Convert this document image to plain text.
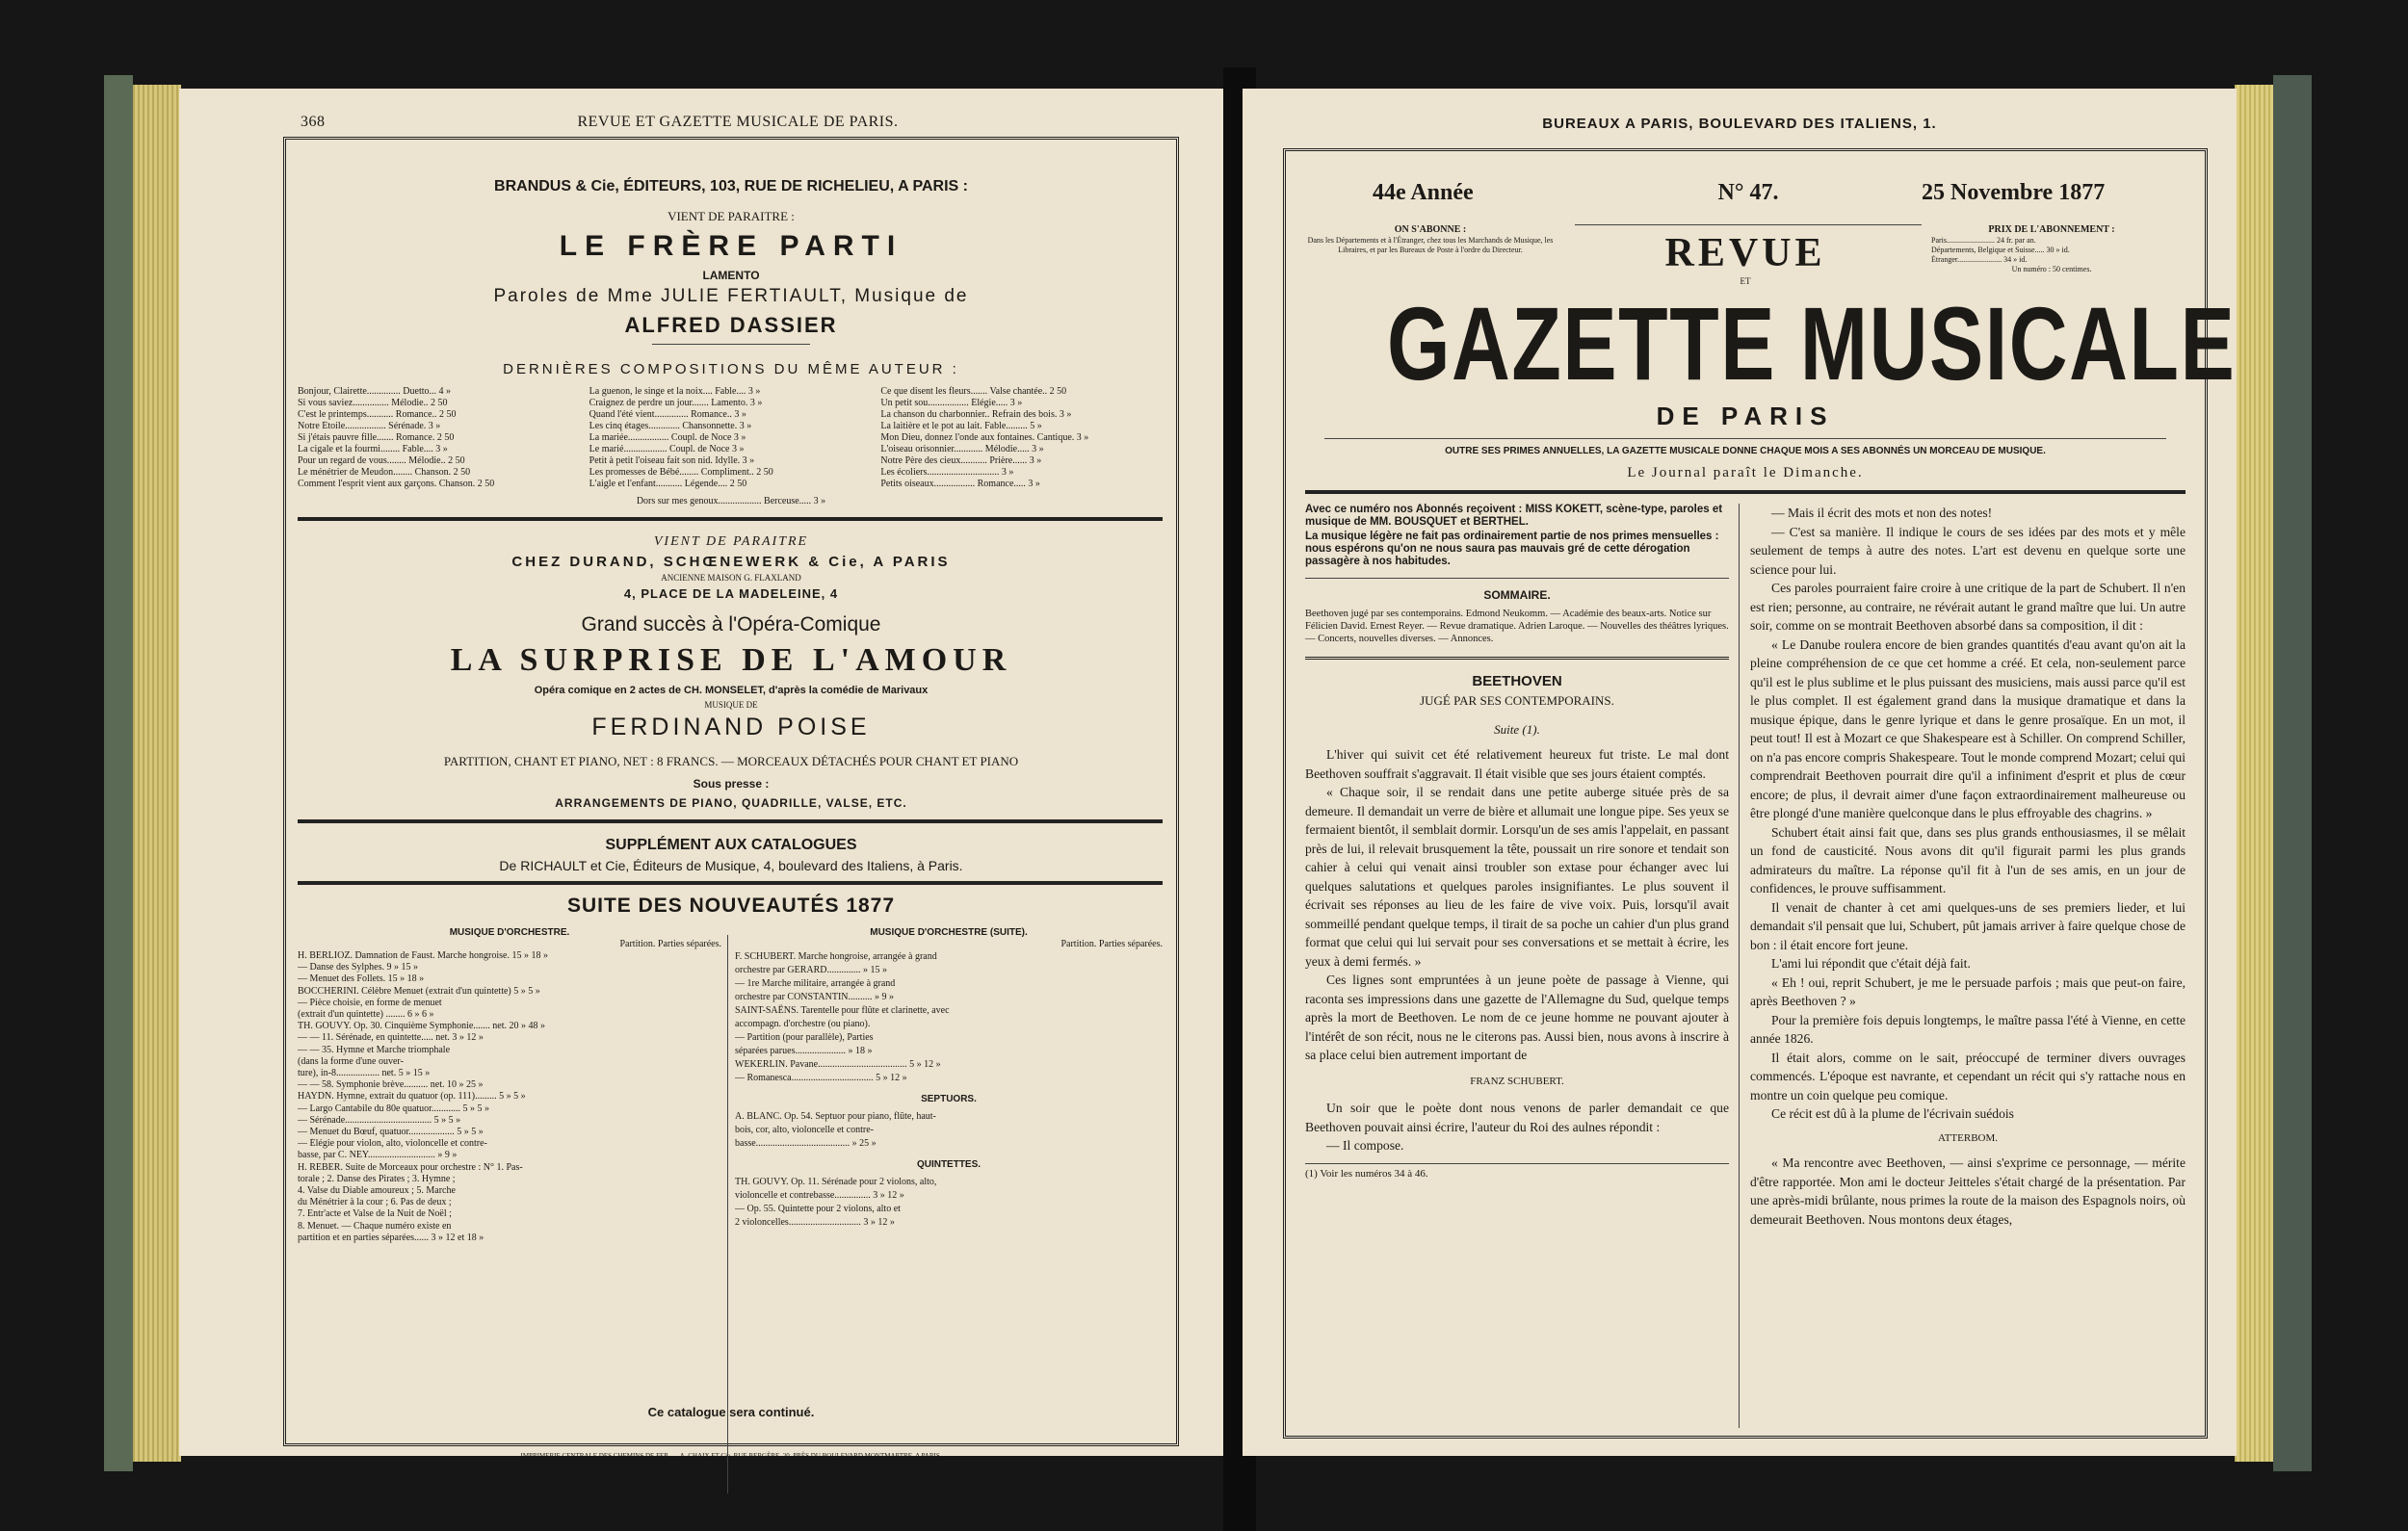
368	REVUE ET GAZETTE MUSICALE DE PARIS.
BRANDUS & Cie, ÉDITEURS, 103, RUE DE RICHELIEU, A PARIS :
VIENT DE PARAITRE :
LE FRÈRE PARTI
LAMENTO
Paroles de Mme JULIE FERTIAULT, Musique de
ALFRED DASSIER
DERNIÈRES COMPOSITIONS DU MÊME AUTEUR :
Bonjour, Clairette.............. Duetto... 4 »
Si vous saviez............... Mélodie.. 2 50
C'est le printemps........... Romance.. 2 50
Notre Étoile................. Sérénade. 3 »
Si j'étais pauvre fille....... Romance. 2 50
La cigale et la fourmi........ Fable.... 3 »
Pour un regard de vous........ Mélodie.. 2 50
Le ménétrier de Meudon........ Chanson. 2 50
Comment l'esprit vient aux garçons. Chanson. 2 50
La guenon, le singe et la noix.... Fable.... 3 »
Craignez de perdre un jour....... Lamento. 3 »
Quand l'été vient.............. Romance.. 3 »
Les cinq étages............. Chansonnette. 3 »
La mariée................. Coupl. de Noce 3 »
Le marié.................. Coupl. de Noce 3 »
Petit à petit l'oiseau fait son nid. Idylle. 3 »
Les promesses de Bébé........ Compliment.. 2 50
L'aigle et l'enfant........... Légende.... 2 50
Ce que disent les fleurs....... Valse chantée.. 2 50
Un petit sou................. Élégie..... 3 »
La chanson du charbonnier.. Refrain des bois. 3 »
La laitière et le pot au lait. Fable......... 5 »
Mon Dieu, donnez l'onde aux fontaines. Cantique. 3 »
L'oiseau orisonnier............ Mélodie..... 3 »
Notre Père des cieux........... Prière...... 3 »
Les écoliers.............................. 3 »
Petits oiseaux................. Romance..... 3 »
Dors sur mes genoux.................. Berceuse..... 3 »
VIENT DE PARAITRE
CHEZ DURAND, SCHŒNEWERK & Cie, A PARIS
ANCIENNE MAISON G. FLAXLAND
4, PLACE DE LA MADELEINE, 4
Grand succès à l'Opéra-Comique
LA SURPRISE DE L'AMOUR
Opéra comique en 2 actes de CH. MONSELET, d'après la comédie de Marivaux
MUSIQUE DE
FERDINAND POISE
PARTITION, CHANT ET PIANO, NET : 8 FRANCS. — MORCEAUX DÉTACHÉS POUR CHANT ET PIANO
Sous presse :
ARRANGEMENTS DE PIANO, QUADRILLE, VALSE, ETC.
SUPPLÉMENT AUX CATALOGUES
De RICHAULT et Cie, Éditeurs de Musique, 4, boulevard des Italiens, à Paris.
SUITE DES NOUVEAUTÉS 1877
MUSIQUE D'ORCHESTRE.
Partition. Parties séparées.
H. BERLIOZ. Damnation de Faust. Marche hongroise. 15 » 18 »
— Danse des Sylphes. 9 » 15 »
— Menuet des Follets. 15 » 18 »
BOCCHERINI. Célèbre Menuet (extrait d'un quintette) 5 » 5 »
— Pièce choisie, en forme de menuet
(extrait d'un quintette) ........ 6 » 6 »
TH. GOUVY. Op. 30. Cinquième Symphonie....... net. 20 » 48 »
— — 11. Sérénade, en quintette..... net. 3 » 12 »
— — 35. Hymne et Marche triomphale
(dans la forme d'une ouver-
ture), in-8.................. net. 5 » 15 »
— — 58. Symphonie brève.......... net. 10 » 25 »
HAYDN. Hymne, extrait du quatuor (op. 111)......... 5 » 5 »
— Largo Cantabile du 80e quatuor............ 5 » 5 »
— Sérénade.................................... 5 » 5 »
— Menuet du Bœuf, quatuor................... 5 » 5 »
— Élégie pour violon, alto, violoncelle et contre-
basse, par C. NEY............................ » 9 »
H. REBER. Suite de Morceaux pour orchestre : N° 1. Pas-
torale ; 2. Danse des Pirates ; 3. Hymne ;
4. Valse du Diable amoureux ; 5. Marche
du Ménétrier à la cour ; 6. Pas de deux ;
7. Entr'acte et Valse de la Nuit de Noël ;
8. Menuet. — Chaque numéro existe en
partition et en parties séparées...... 3 » 12 et 18 »
MUSIQUE D'ORCHESTRE (SUITE).
Partition. Parties séparées.
F. SCHUBERT. Marche hongroise, arrangée à grand
orchestre par GERARD.............. » 15 »
— 1re Marche militaire, arrangée à grand
orchestre par CONSTANTIN.......... » 9 »
SAINT-SAËNS. Tarentelle pour flûte et clarinette, avec
accompagn. d'orchestre (ou piano).
— Partition (pour parallèle), Parties
séparées parues..................... » 18 »
WEKERLIN. Pavane..................................... 5 » 12 »
— Romanesca.................................. 5 » 12 »
SEPTUORS.
A. BLANC. Op. 54. Septuor pour piano, flûte, haut-
bois, cor, alto, violoncelle et contre-
basse....................................... » 25 »
QUINTETTES.
TH. GOUVY. Op. 11. Sérénade pour 2 violons, alto,
violoncelle et contrebasse............... 3 » 12 »
— Op. 55. Quintette pour 2 violons, alto et
2 violoncelles.............................. 3 » 12 »
Ce catalogue sera continué.
IMPRIMERIE CENTRALE DES CHEMINS DE FER. — A. CHAIX ET Cie, RUE BERGÈRE, 20, PRÈS DU BOULEVARD MONTMARTRE, A PARIS.
BUREAUX A PARIS, BOULEVARD DES ITALIENS, 1.
44e Année	N° 47.	25 Novembre 1877
ON S'ABONNE :
Dans les Départements et à l'Étranger, chez tous les Marchands de Musique, les Libraires, et par les Bureaux de Poste à l'ordre du Directeur.
PRIX DE L'ABONNEMENT :
Paris......................... 24 fr. par an.
Départements, Belgique et Suisse..... 30 » id.
Étranger....................... 34 » id.
Un numéro : 50 centimes.
REVUE
ET
GAZETTE MUSICALE
DE PARIS
OUTRE SES PRIMES ANNUELLES, LA GAZETTE MUSICALE DONNE CHAQUE MOIS A SES ABONNÉS UN MORCEAU DE MUSIQUE.
Le Journal paraît le Dimanche.
Avec ce numéro nos Abonnés reçoivent : MISS KOKETT, scène-type, paroles et musique de MM. BOUSQUET et BERTHEL.
La musique légère ne fait pas ordinairement partie de nos primes mensuelles : nous espérons qu'on ne nous saura pas mauvais gré de cette dérogation passagère à nos habitudes.
SOMMAIRE.
Beethoven jugé par ses contemporains. Edmond Neukomm. — Académie des beaux-arts. Notice sur Félicien David. Ernest Reyer. — Revue dramatique. Adrien Laroque. — Nouvelles des théâtres lyriques. — Concerts, nouvelles diverses. — Annonces.
BEETHOVEN
JUGÉ PAR SES CONTEMPORAINS.
Suite (1).

L'hiver qui suivit cet été relativement heureux fut triste. Le mal dont Beethoven souffrait s'aggravait. Il était visible que ses jours étaient comptés.

« Chaque soir, il se rendait dans une petite auberge située près de sa demeure. Il demandait un verre de bière et allumait une longue pipe. Ses yeux se fermaient bientôt, il semblait dormir. Lorsqu'un de ses amis l'appelait, en passant près de lui, il relevait brusquement la tête, poussait un rire sonore et tendait son cahier à celui qui venait ainsi troubler son extase pour échanger avec lui quelques salutations et quelques paroles insignifiantes. Le plus souvent il écrivait ses réponses au lieu de les faire de vive voix. Puis, lorsqu'il avait sommeillé pendant quelque temps, il tirait de sa poche un cahier d'un plus grand format que celui qui lui servait pour ses conversations et se mettait à écrire, les yeux à demi fermés. »

Ces lignes sont empruntées à un jeune poète de passage à Vienne, qui raconta ses impressions dans une gazette de l'Allemagne du Sud, quelque temps après la mort de Beethoven. Le nom de ce jeune homme ne pouvant ajouter à l'intérêt de son récit, nous ne le citerons pas. Aussi bien, nous avons à inscrire à sa place celui bien autrement important de

FRANZ SCHUBERT.

Un soir que le poète dont nous venons de parler demandait ce que Beethoven pouvait ainsi écrire, l'auteur du Roi des aulnes répondit :

— Il compose.

(1) Voir les numéros 34 à 46.

— Mais il écrit des mots et non des notes!

— C'est sa manière. Il indique le cours de ses idées par des mots et y mêle seulement de temps à autre des notes. L'art est devenu en quelque sorte une science pour lui.

Ces paroles pourraient faire croire à une critique de la part de Schubert. Il n'en est rien; personne, au contraire, ne révérait autant le grand maître que lui. Un autre soir, comme on se montrait Beethoven absorbé dans sa composition, il dit :

« Le Danube roulera encore de bien grandes quantités d'eau avant qu'on ait la pleine compréhension de ce que cet homme a créé. Et cela, non-seulement parce qu'il est le plus sublime et le plus puissant des musiciens, mais aussi parce qu'il est le plus complet. Il est également grand dans la musique dramatique et dans la musique épique, dans le genre lyrique et dans le genre prosaïque. En un mot, il peut tout! Il est à Mozart ce que Shakespeare est à Schiller. On comprend Schiller, on n'a pas encore compris Shakespeare. Tout le monde comprend Mozart; celui qui comprendrait Beethoven pourrait dire qu'il a infiniment d'esprit et plus de cœur encore; de plus, il devrait aimer d'une façon extraordinairement malheureuse ou être plongé d'une manière quelconque dans le plus effroyable des chagrins. »

Schubert était ainsi fait que, dans ses plus grands enthousiasmes, il se mêlait un fond de causticité. Nous avons dit qu'il figurait parmi les plus grands admirateurs du maître. La réponse qu'il fit à l'un de ses amis, en un jour de confidences, le prouve suffisamment.

Il venait de chanter à cet ami quelques-uns de ses premiers lieder, et lui demandait s'il pensait que lui, Schubert, pût jamais arriver à faire quelque chose de bon : il était encore fort jeune.

L'ami lui répondit que c'était déjà fait.

« Eh ! oui, reprit Schubert, je me le persuade parfois ; mais que peut-on faire, après Beethoven ? »

Pour la première fois depuis longtemps, le maître passa l'été à Vienne, en cette année 1826.

Il était alors, comme on le sait, préoccupé de terminer divers ouvrages commencés. L'époque est navrante, et cependant un récit qui s'y rattache nous en montre un coin quelque peu comique.

Ce récit est dû à la plume de l'écrivain suédois

ATTERBOM.

« Ma rencontre avec Beethoven, — ainsi s'exprime ce personnage, — mérite d'être rapportée. Mon ami le docteur Jeitteles s'était chargé de la présentation. Par une après-midi brûlante, nous primes la route de la maison des Espagnols noirs, où demeurait Beethoven. Nous montons deux étages,
